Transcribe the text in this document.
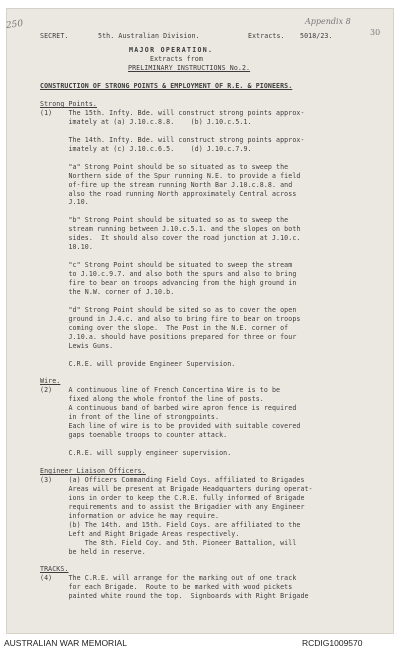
250
SECRET.	5th. Australian Division.	Extracts. 5018/23.
Appendix 8
30
MAJOR OPERATION.
Extracts from
PRELIMINARY INSTRUCTIONS No.2.
CONSTRUCTION OF STRONG POINTS & EMPLOYMENT OF R.E. & PIONEERS.
Strong Points.
(1)    The 15th. Infty. Bde. will construct strong points approx-
imately at (a) J.10.c.8.8.    (b) J.10.c.5.1.
The 14th. Infty. Bde. will construct strong points approx-
imately at (c) J.10.c.6.5.    (d) J.10.c.7.9.
"a" Strong Point should be so situated as to sweep the
Northern side of the Spur running N.E. to provide a field
of-fire up the stream running North Bar J.10.c.8.8. and
also the road running North approximately Central across
J.10.
"b" Strong Point should be situated so as to sweep the
stream running between J.10.c.5.1. and the slopes on both
sides.  It should also cover the road junction at J.10.c.
10.10.
"c" Strong Point should be situated to sweep the stream
to J.10.c.9.7. and also both the spurs and also to bring
fire to bear on troops advancing from the high ground in
the N.W. corner of J.10.b.
"d" Strong Point should be sited so as to cover the open
ground in J.4.c. and also to bring fire to bear on troops
coming over the slope.  The Post in the N.E. corner of
J.10.a. should have positions prepared for three or four
Lewis Guns.
C.R.E. will provide Engineer Supervision.
Wire.
(2)    A continuous line of French Concertina Wire is to be
fixed along the whole frontof the line of posts.
A continuous band of barbed wire apron fence is required
in front of the line of strongpoints.
Each line of wire is to be provided with suitable covered
gaps toenable troops to counter attack.
C.R.E. will supply engineer supervision.
Engineer Liaison Officers.
(3)    (a) Officers Commanding Field Coys. affiliated to Brigades
Areas will be present at Brigade Headquarters during operat-
ions in order to keep the C.R.E. fully informed of Brigade
requirements and to assist the Brigadier with any Engineer
information or advice he may require.
(b) The 14th. and 15th. Field Coys. are affiliated to the
Left and Right Brigade Areas respectively.
The 8th. Field Coy. and 5th. Pioneer Battalion, will
be held in reserve.
TRACKS.
(4)    The C.R.E. will arrange for the marking out of one track
for each Brigade.  Route to be marked with wood pickets
painted white round the top.  Signboards with Right Brigade
AUSTRALIAN WAR MEMORIAL	RCDIG1009570
